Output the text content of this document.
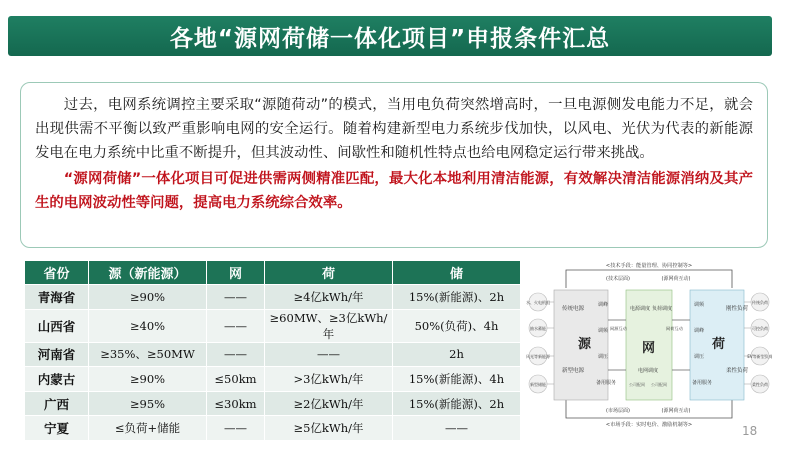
各地“源网荷储一体化项目”申报条件汇总

过去，电网系统调控主要采取“源随荷动”的模式，当用电负荷突然增高时，一旦电源侧发电能力不足，就会出现供需不平衡以致严重影响电网的安全运行。随着构建新型电力系统步伐加快，以风电、光伏为代表的新能源发电在电力系统中比重不断提升，但其波动性、间歇性和随机性特点也给电网稳定运行带来挑战。

“源网荷储”一体化项目可促进供需两侧精准匹配，最大化本地利用清洁能源，有效解决清洁能源消纳及其产生的电网波动性等问题，提高电力系统综合效率。

省份	源（新能源）	网	荷	储
青海省	≥90%	——	≥4亿kWh/年	15%(新能源)、2h
山西省	≥40%	——	≥60MW、≥3亿kWh/年	50%(负荷)、4h
河南省	≥35%、≥50MW	——	——	2h
内蒙古	≥90%	≤50km	>3亿kWh/年	15%(新能源)、4h
广西	≥95%	≤30km	≥2亿kWh/年	15%(新能源)、2h
宁夏	≤负荷+储能	——	≥5亿kWh/年	——
<技术手段：能量管理、协同控制等>
(技术层面)	(源网荷互动)
(市场层面)	(源网荷互动)
<市场手段：实时电价、激励机制等>
水、火电机组
抽水蓄能
风光等新能源
新型储能
传统电源
新型电源
源
调峰
调频
调压
备用服务
电源调度 负荷调度
网
网源互动	网荷互动
电网调度
公司配网 公司配网
调频
调峰
调压
备用服务
荷
刚性负荷
柔性负荷
传统负荷
可控负荷
EV等新型负荷
柔性负荷
18
